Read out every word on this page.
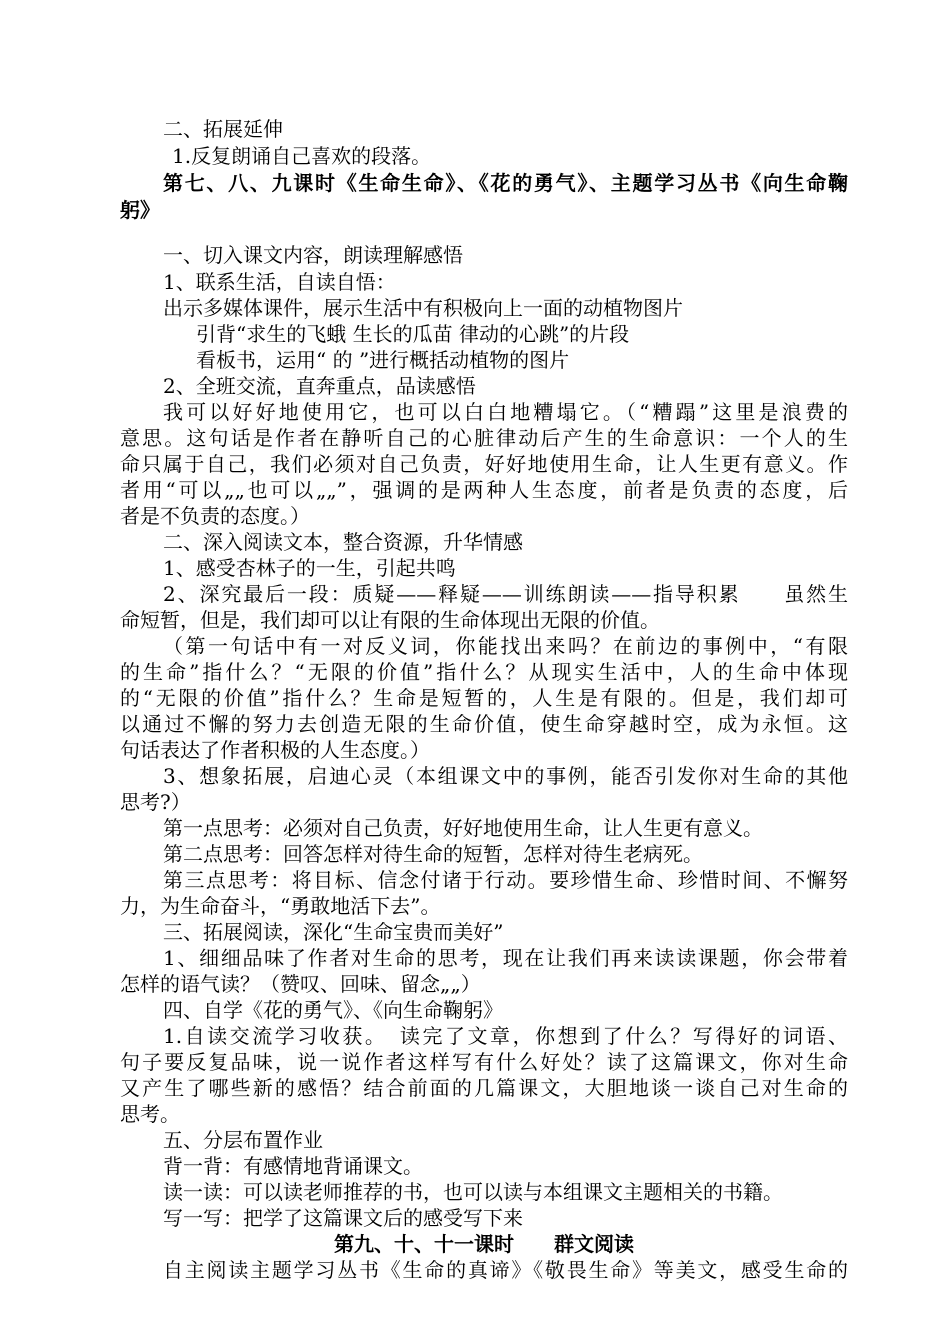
二、拓展延伸
1.反复朗诵自己喜欢的段落。
第七、八、九课时《生命生命》、《花的勇气》、主题学习丛书《向生命鞠
躬》
一、切入课文内容，朗读理解感悟
1、联系生活，自读自悟：
出示多媒体课件，展示生活中有积极向上一面的动植物图片
引背“求生的飞蛾 生长的瓜苗 律动的心跳”的片段
看板书，运用“ 的 ”进行概括动植物的图片
2、全班交流，直奔重点，品读感悟
我可以好好地使用它，也可以白白地糟塌它。（“糟蹋”这里是浪费的
意思。这句话是作者在静听自己的心脏律动后产生的生命意识：一个人的生
命只属于自己，我们必须对自己负责，好好地使用生命，让人生更有意义。作
者用“可以„„也可以„„”，强调的是两种人生态度，前者是负责的态度，后
者是不负责的态度。）
二、深入阅读文本，整合资源，升华情感
1、感受杏林子的一生，引起共鸣
2、深究最后一段：质疑——释疑——训练朗读——指导积累　　虽然生
命短暂，但是，我们却可以让有限的生命体现出无限的价值。
（第一句话中有一对反义词，你能找出来吗？在前边的事例中，“有限
的生命”指什么？“无限的价值”指什么？从现实生活中，人的生命中体现
的“无限的价值”指什么？生命是短暂的，人生是有限的。但是，我们却可
以通过不懈的努力去创造无限的生命价值，使生命穿越时空，成为永恒。这
句话表达了作者积极的人生态度。）
3、想象拓展，启迪心灵（本组课文中的事例，能否引发你对生命的其他
思考?）
第一点思考：必须对自己负责，好好地使用生命，让人生更有意义。
第二点思考：回答怎样对待生命的短暂，怎样对待生老病死。
第三点思考：将目标、信念付诸于行动。要珍惜生命、珍惜时间、不懈努
力，为生命奋斗，“勇敢地活下去”。
三、拓展阅读，深化“生命宝贵而美好”
1、细细品味了作者对生命的思考，现在让我们再来读读课题，你会带着
怎样的语气读？（赞叹、回味、留念„„）
四、自学《花的勇气》、《向生命鞠躬》
1.自读交流学习收获。　读完了文章，你想到了什么？写得好的词语、
句子要反复品味，说一说作者这样写有什么好处？读了这篇课文，你对生命
又产生了哪些新的感悟？结合前面的几篇课文，大胆地谈一谈自己对生命的
思考。
五、分层布置作业
背一背：有感情地背诵课文。
读一读：可以读老师推荐的书，也可以读与本组课文主题相关的书籍。
写一写：把学了这篇课文后的感受写下来
第九、十、十一课时　　群文阅读
自主阅读主题学习丛书《生命的真谛》《敬畏生命》等美文，感受生命的
